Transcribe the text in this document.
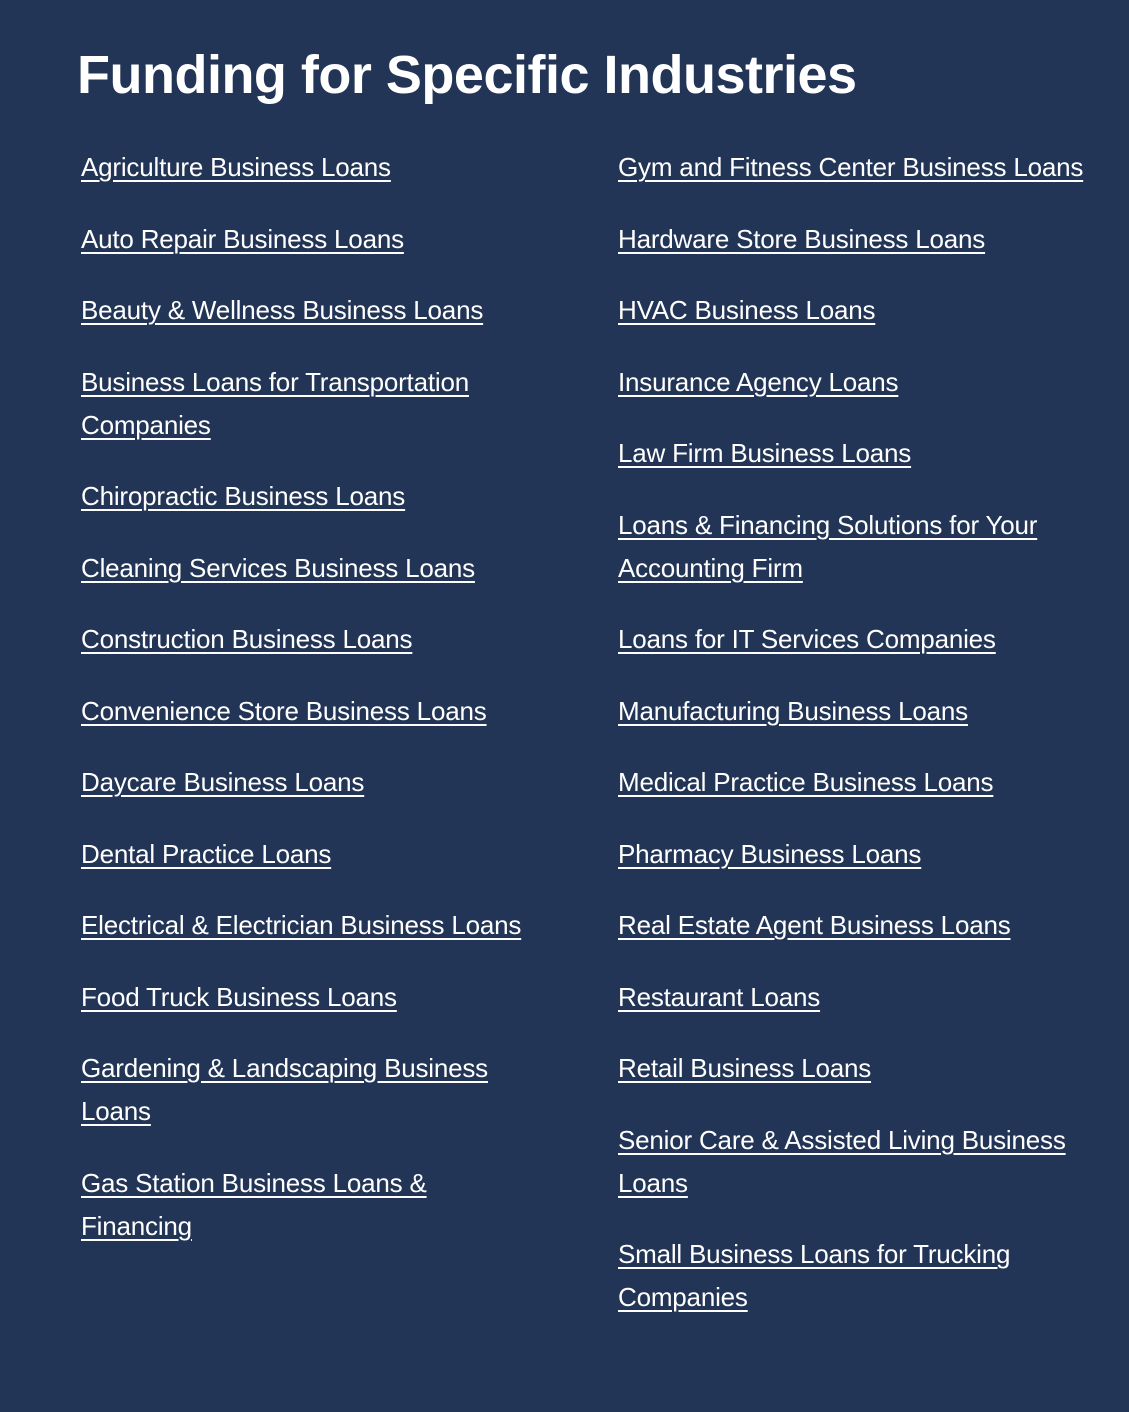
Funding for Specific Industries
Agriculture Business Loans
Auto Repair Business Loans
Beauty & Wellness Business Loans
Business Loans for Transportation Companies
Chiropractic Business Loans
Cleaning Services Business Loans
Construction Business Loans
Convenience Store Business Loans
Daycare Business Loans
Dental Practice Loans
Electrical & Electrician Business Loans
Food Truck Business Loans
Gardening & Landscaping Business Loans
Gas Station Business Loans & Financing
Gym and Fitness Center Business Loans
Hardware Store Business Loans
HVAC Business Loans
Insurance Agency Loans
Law Firm Business Loans
Loans & Financing Solutions for Your Accounting Firm
Loans for IT Services Companies
Manufacturing Business Loans
Medical Practice Business Loans
Pharmacy Business Loans
Real Estate Agent Business Loans
Restaurant Loans
Retail Business Loans
Senior Care & Assisted Living Business Loans
Small Business Loans for Trucking Companies
